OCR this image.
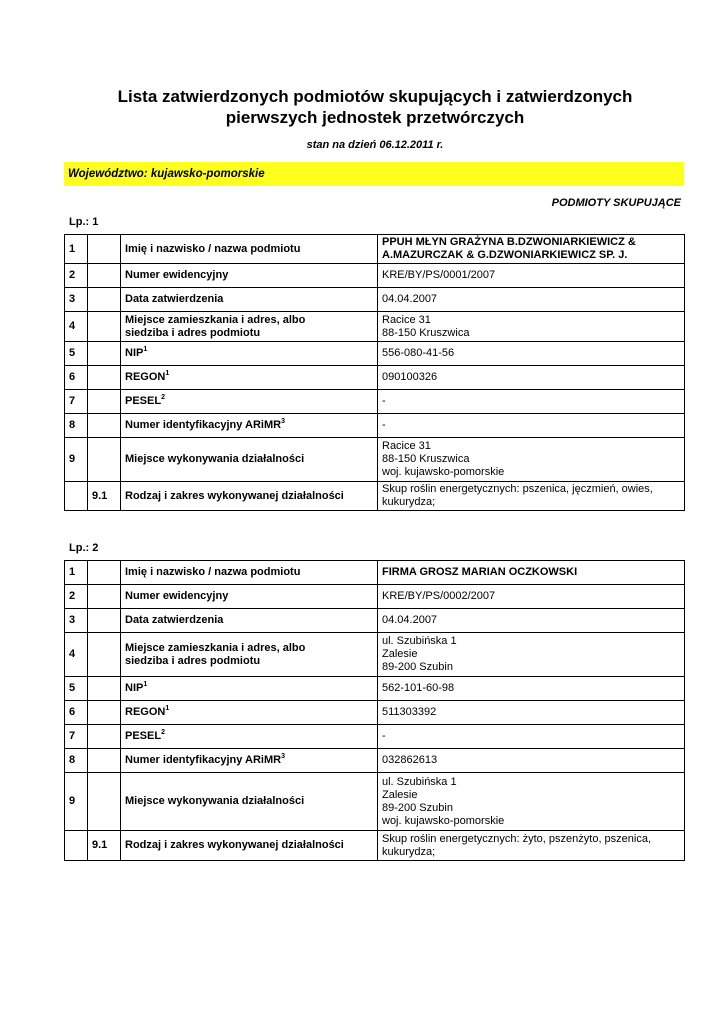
Lista zatwierdzonych podmiotów skupujących i zatwierdzonych
pierwszych jednostek przetwórczych
stan na dzień 06.12.2011 r.
Województwo: kujawsko-pomorskie
PODMIOTY SKUPUJĄCE
Lp.: 1
1		Imię i nazwisko / nazwa podmiotu	PPUH MŁYN GRAŻYNA B.DZWONIARKIEWICZ &
A.MAZURCZAK & G.DZWONIARKIEWICZ SP. J.
2		Numer ewidencyjny	KRE/BY/PS/0001/2007
3		Data zatwierdzenia	04.04.2007
4		Miejsce zamieszkania i adres, albo
siedziba i adres podmiotu	Racice 31
88-150 Kruszwica
5		NIP$^1$	556-080-41-56
6		REGON$^1$	090100326
7		PESEL$^2$	-
8		Numer identyfikacyjny ARiMR$^3$	-
9		Miejsce wykonywania działalności	Racice 31
88-150 Kruszwica
woj. kujawsko-pomorskie
	9.1	Rodzaj i zakres wykonywanej działalności	Skup roślin energetycznych: pszenica, jęczmień, owies,
kukurydza;
Lp.: 2
1		Imię i nazwisko / nazwa podmiotu	FIRMA GROSZ MARIAN OCZKOWSKI
2		Numer ewidencyjny	KRE/BY/PS/0002/2007
3		Data zatwierdzenia	04.04.2007
4		Miejsce zamieszkania i adres, albo
siedziba i adres podmiotu	ul. Szubińska 1
Zalesie
89-200 Szubin
5		NIP$^1$	562-101-60-98
6		REGON$^1$	511303392
7		PESEL$^2$	-
8		Numer identyfikacyjny ARiMR$^3$	032862613
9		Miejsce wykonywania działalności	ul. Szubińska 1
Zalesie
89-200 Szubin
woj. kujawsko-pomorskie
	9.1	Rodzaj i zakres wykonywanej działalności	Skup roślin energetycznych: żyto, pszenżyto, pszenica,
kukurydza;
